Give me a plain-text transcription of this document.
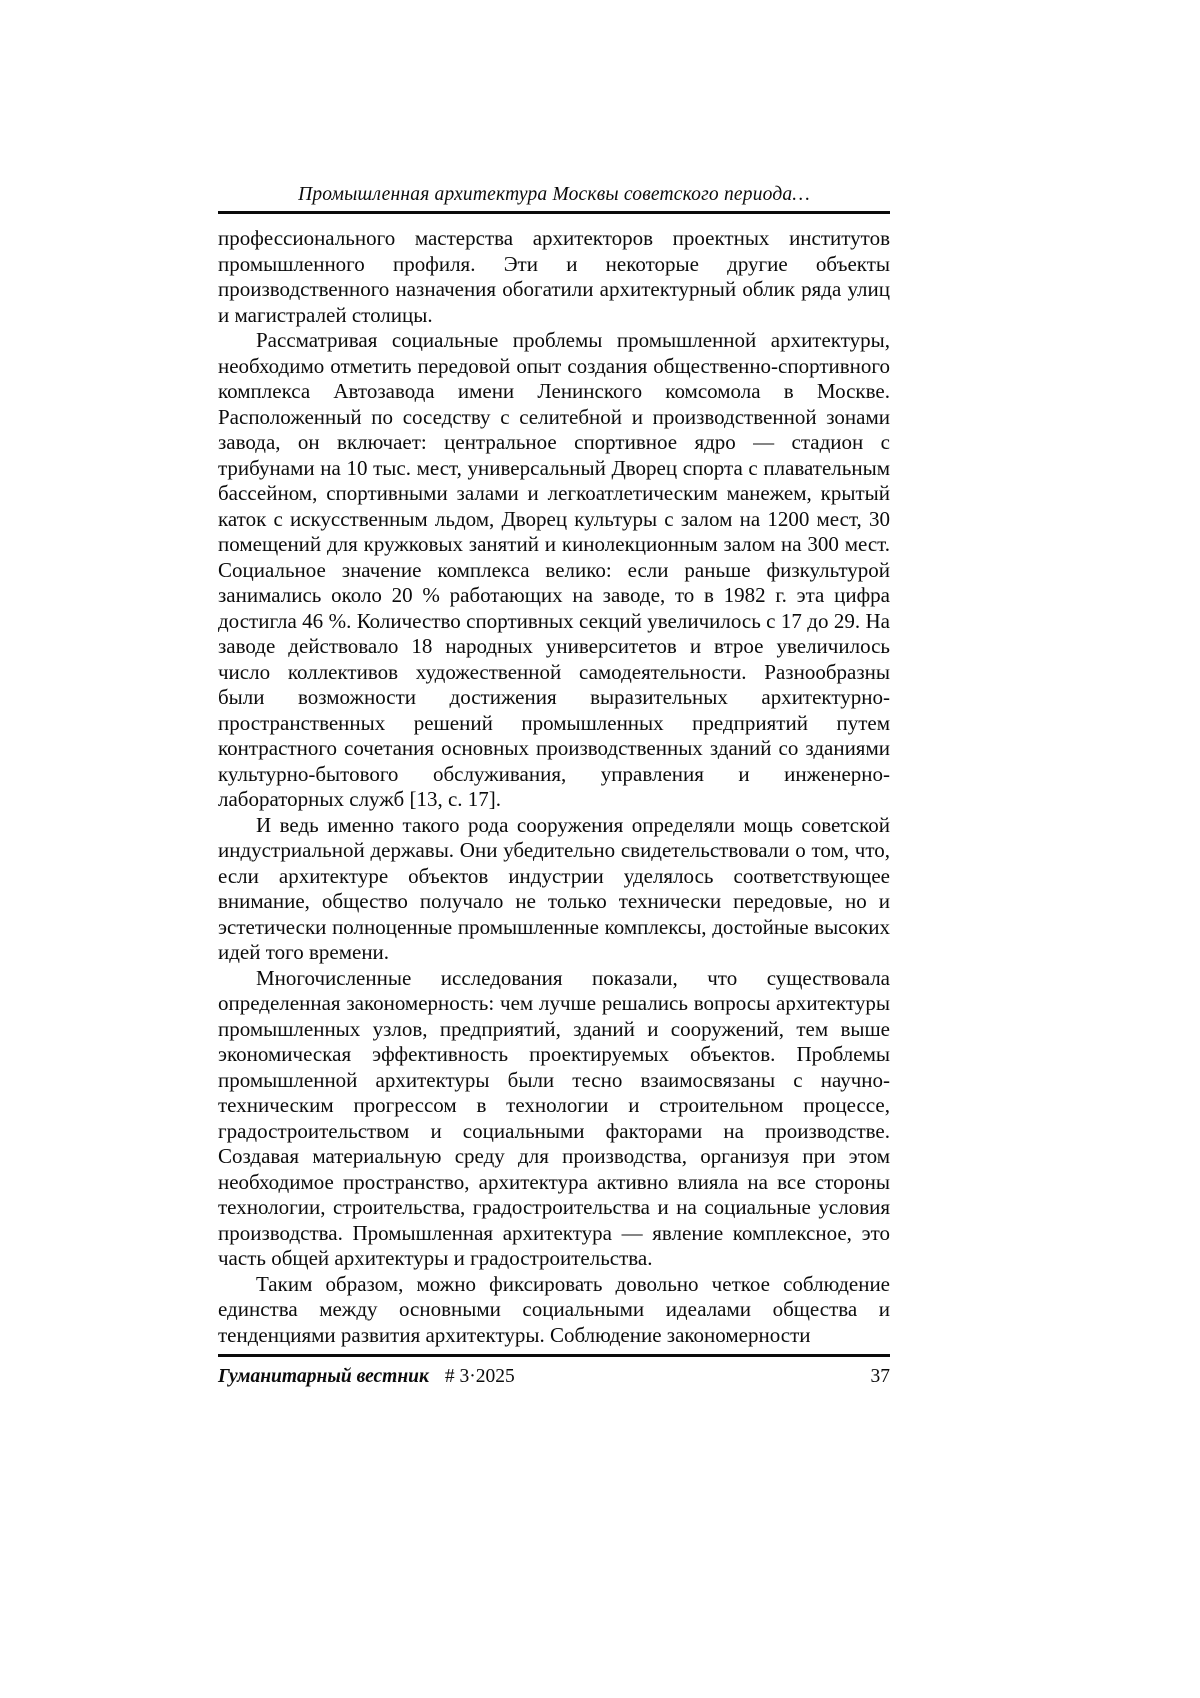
Промышленная архитектура Москвы советского периода…

профессионального мастерства архитекторов проектных институтов промышленного профиля. Эти и некоторые другие объекты производственного назначения обогатили архитектурный облик ряда улиц и магистралей столицы.

Рассматривая социальные проблемы промышленной архитектуры, необходимо отметить передовой опыт создания общественно-спортивного комплекса Автозавода имени Ленинского комсомола в Москве. Расположенный по соседству с селитебной и производственной зонами завода, он включает: центральное спортивное ядро — стадион с трибунами на 10 тыс. мест, универсальный Дворец спорта с плавательным бассейном, спортивными залами и легкоатлетическим манежем, крытый каток с искусственным льдом, Дворец культуры с залом на 1200 мест, 30 помещений для кружковых занятий и кинолекционным залом на 300 мест. Социальное значение комплекса велико: если раньше физкультурой занимались около 20 % работающих на заводе, то в 1982 г. эта цифра достигла 46 %. Количество спортивных секций увеличилось с 17 до 29. На заводе действовало 18 народных университетов и втрое увеличилось число коллективов художественной самодеятельности. Разнообразны были возможности достижения выразительных архитектурно-пространственных решений промышленных предприятий путем контрастного сочетания основных производственных зданий со зданиями культурно-бытового обслуживания, управления и инженерно-лабораторных служб [13, с. 17].

И ведь именно такого рода сооружения определяли мощь советской индустриальной державы. Они убедительно свидетельствовали о том, что, если архитектуре объектов индустрии уделялось соответствующее внимание, общество получало не только технически передовые, но и эстетически полноценные промышленные комплексы, достойные высоких идей того времени.

Многочисленные исследования показали, что существовала определенная закономерность: чем лучше решались вопросы архитектуры промышленных узлов, предприятий, зданий и сооружений, тем выше экономическая эффективность проектируемых объектов. Проблемы промышленной архитектуры были тесно взаимосвязаны с научно-техническим прогрессом в технологии и строительном процессе, градостроительством и социальными факторами на производстве. Создавая материальную среду для производства, организуя при этом необходимое пространство, архитектура активно влияла на все стороны технологии, строительства, градостроительства и на социальные условия производства. Промышленная архитектура — явление комплексное, это часть общей архитектуры и градостроительства.

Таким образом, можно фиксировать довольно четкое соблюдение единства между основными социальными идеалами общества и тенденциями развития архитектуры. Соблюдение закономерности

Гуманитарный вестник # 3·2025	37
